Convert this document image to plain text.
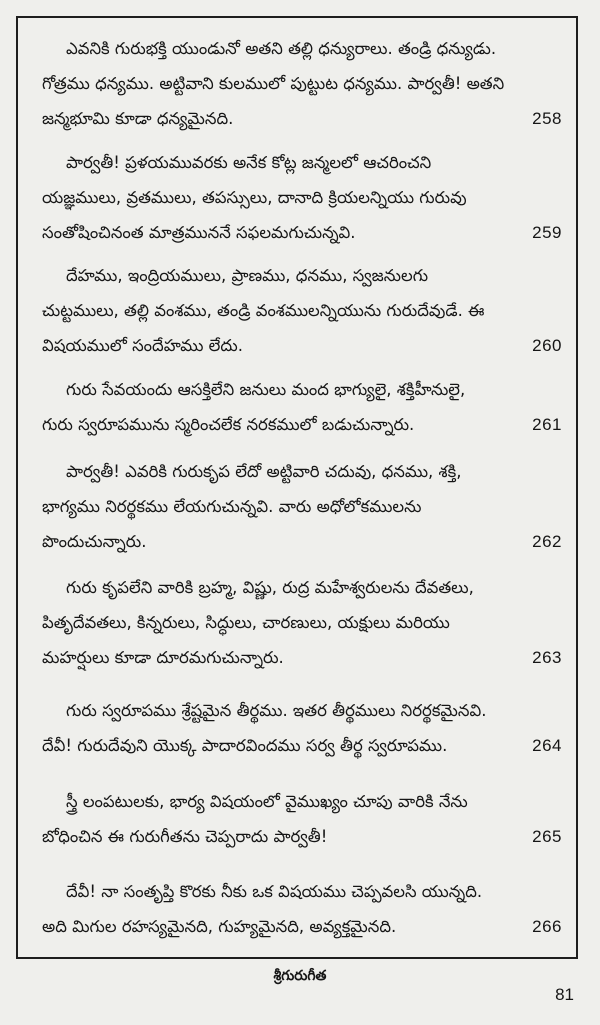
ఎవనికి గురుభక్తి యుండునో అతని తల్లి ధన్యురాలు. తండ్రి ధన్యుడు.
గోత్రము ధన్యము. అట్టివాని కులములో పుట్టుట ధన్యము. పార్వతీ! అతని
జన్మభూమి కూడా ధన్యమైనది.	258
పార్వతీ! ప్రళయమువరకు అనేక కోట్ల జన్మలలో ఆచరించని
యజ్ఞములు, వ్రతములు, తపస్సులు, దానాది క్రియలన్నియు గురువు
సంతోషించినంత మాత్రముననే సఫలమగుచున్నవి.	259
దేహము, ఇంద్రియములు, ప్రాణము, ధనము, స్వజనులగు
చుట్టములు, తల్లి వంశము, తండ్రి వంశములన్నియును గురుదేవుడే. ఈ
విషయములో సందేహము లేదు.	260
గురు సేవయందు ఆసక్తిలేని జనులు మంద భాగ్యులై, శక్తిహీనులై,
గురు స్వరూపమును స్మరించలేక నరకములో బడుచున్నారు.	261
పార్వతీ! ఎవరికి గురుకృప లేదో అట్టివారి చదువు, ధనము, శక్తి,
భాగ్యము నిరర్థకము లేయగుచున్నవి. వారు అధోలోకములను
పొందుచున్నారు.	262
గురు కృపలేని వారికి బ్రహ్మ, విష్ణు, రుద్ర మహేశ్వరులను దేవతలు,
పితృదేవతలు, కిన్నరులు, సిద్ధులు, చారణులు, యక్షులు మరియు
మహర్షులు కూడా దూరమగుచున్నారు.	263
గురు స్వరూపము శ్రేష్టమైన తీర్థము. ఇతర తీర్థములు నిరర్థకమైనవి.
దేవీ! గురుదేవుని యొక్క పాదారవిందము సర్వ తీర్థ స్వరూపము.	264
స్త్రీ లంపటులకు, భార్య విషయంలో వైముఖ్యం చూపు వారికి నేను
బోధించిన ఈ గురుగీతను చెప్పరాదు పార్వతీ!	265
దేవీ! నా సంతృప్తి కొరకు నీకు ఒక విషయము చెప్పవలసి యున్నది.
అది మిగుల రహస్యమైనది, గుహ్యమైనది, అవ్యక్తమైనది.	266
శ్రీగురుగీత
81
